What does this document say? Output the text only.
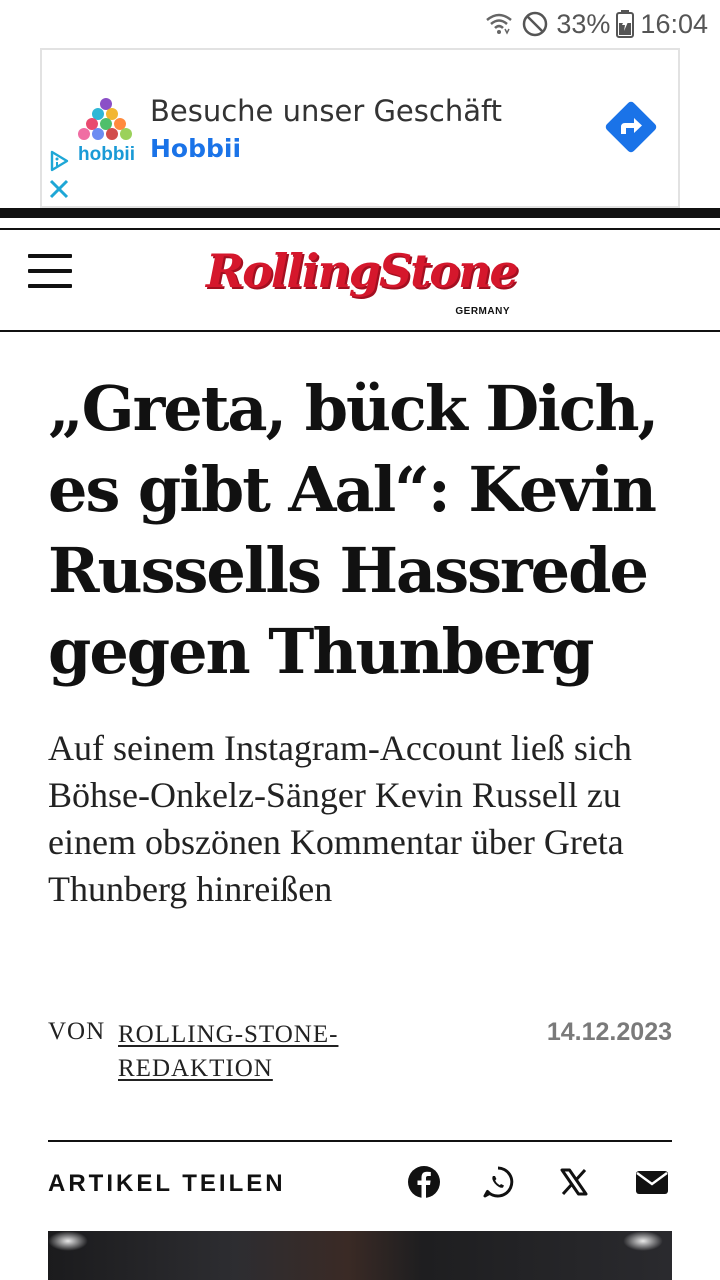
33% 16:04
hobbii
Besuche unser Geschäft
Hobbii
RollingStone
GERMANY
„Greta, bück Dich, es gibt Aal“: Kevin Russells Hassrede gegen Thunberg

Auf seinem Instagram-Account ließ sich Böhse-Onkelz-Sänger Kevin Russell zu einem obszönen Kommentar über Greta Thunberg hinreißen

VON ROLLING-STONE-REDAKTION
14.12.2023
ARTIKEL TEILEN
